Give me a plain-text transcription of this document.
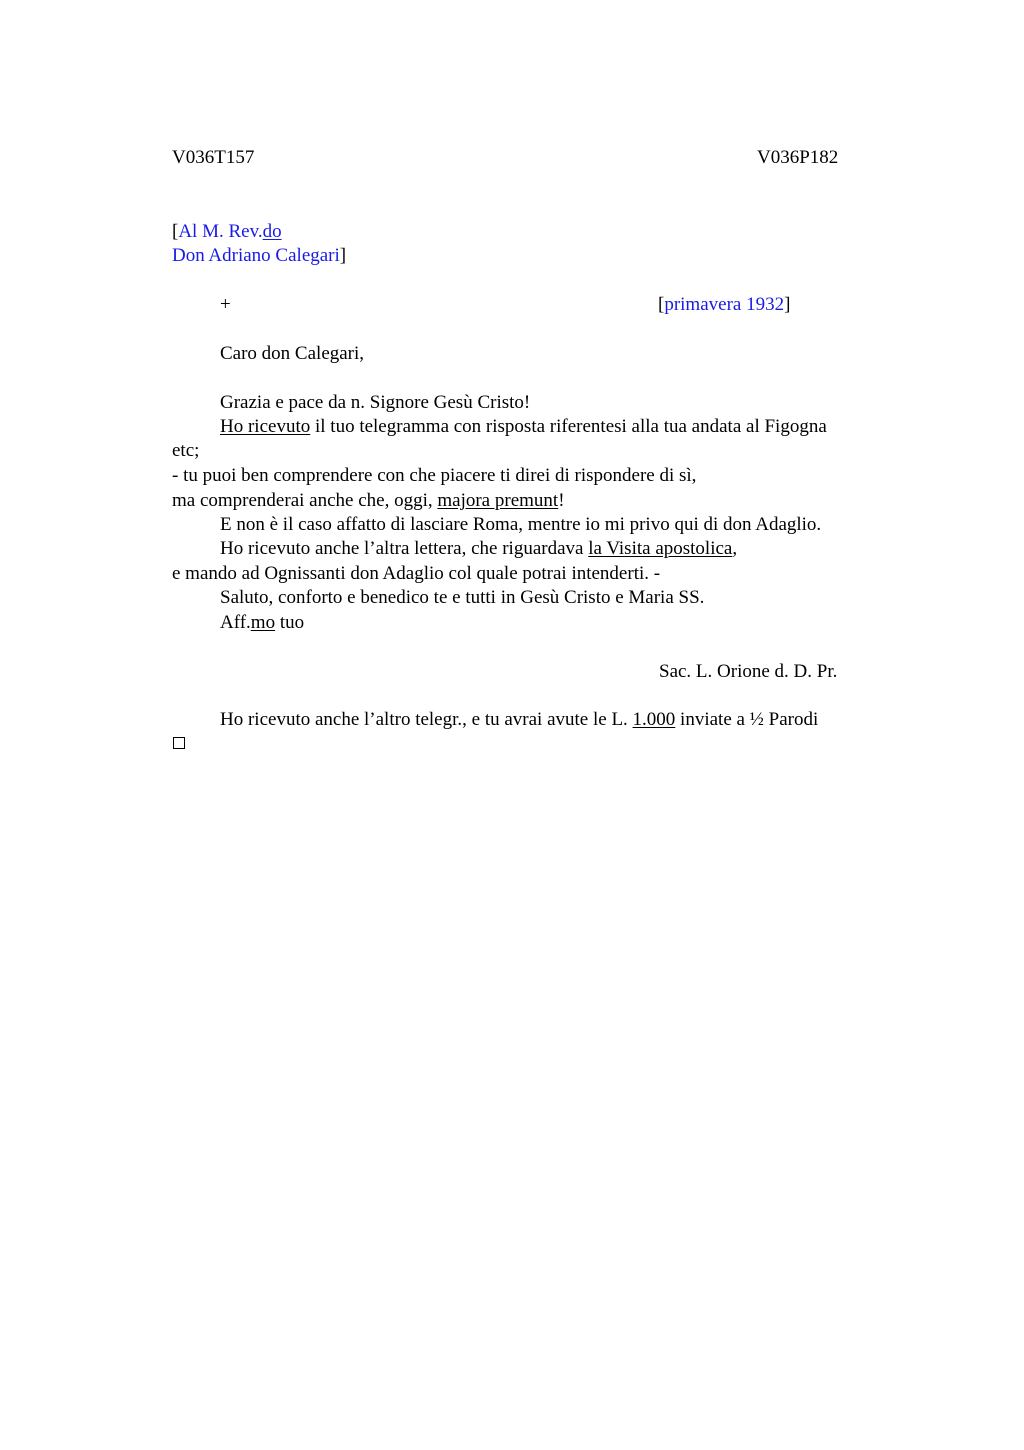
V036T157	V036P182
[Al M. Rev.do
Don Adriano Calegari]
+	[primavera 1932]
Caro don Calegari,
Grazia e pace da n. Signore Gesù Cristo!
Ho ricevuto il tuo telegramma con risposta riferentesi alla tua andata al Figogna
etc;
- tu puoi ben comprendere con che piacere ti direi di rispondere di sì,
ma comprenderai anche che, oggi, majora premunt!
E non è il caso affatto di lasciare Roma, mentre io mi privo qui di don Adaglio.
Ho ricevuto anche l’altra lettera, che riguardava la Visita apostolica,
e mando ad Ognissanti don Adaglio col quale potrai intenderti. -
Saluto, conforto e benedico te e tutti in Gesù Cristo e Maria SS.
Aff.mo tuo
Sac. L. Orione d. D. Pr.
Ho ricevuto anche l’altro telegr., e tu avrai avute le L. 1.000 inviate a ½ Parodi
